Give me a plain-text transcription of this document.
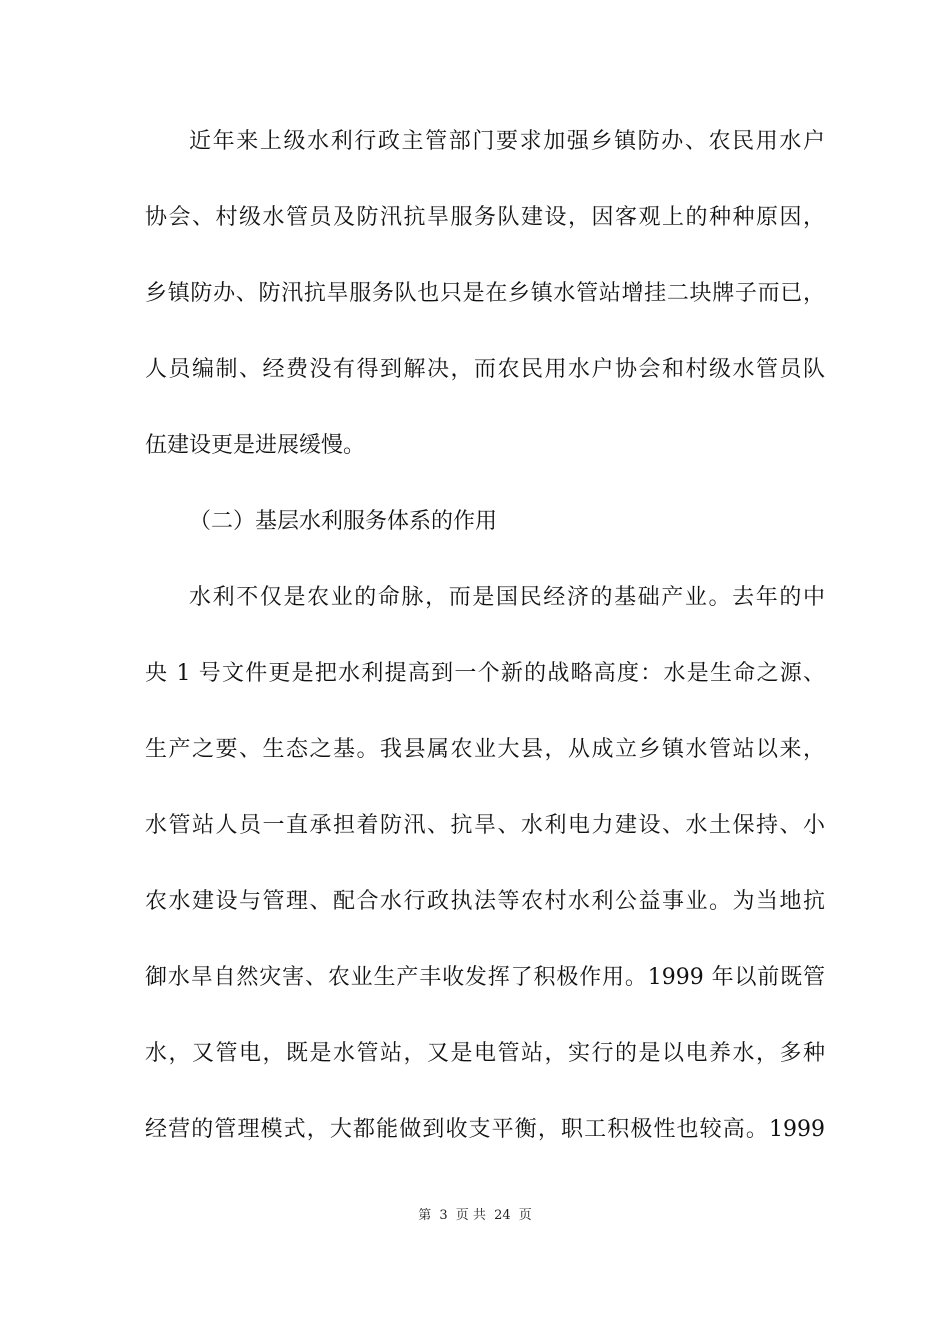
近年来上级水利行政主管部门要求加强乡镇防办、农民用水户
协会、村级水管员及防汛抗旱服务队建设，因客观上的种种原因，
乡镇防办、防汛抗旱服务队也只是在乡镇水管站增挂二块牌子而已，
人员编制、经费没有得到解决，而农民用水户协会和村级水管员队
伍建设更是进展缓慢。
（二）基层水利服务体系的作用
水利不仅是农业的命脉，而是国民经济的基础产业。去年的中
央 1 号文件更是把水利提高到一个新的战略高度：水是生命之源、
生产之要、生态之基。我县属农业大县，从成立乡镇水管站以来，
水管站人员一直承担着防汛、抗旱、水利电力建设、水土保持、小
农水建设与管理、配合水行政执法等农村水利公益事业。为当地抗
御水旱自然灾害、农业生产丰收发挥了积极作用。1999 年以前既管
水，又管电，既是水管站，又是电管站，实行的是以电养水，多种
经营的管理模式，大都能做到收支平衡，职工积极性也较高。1999
第 3 页 共 24 页
